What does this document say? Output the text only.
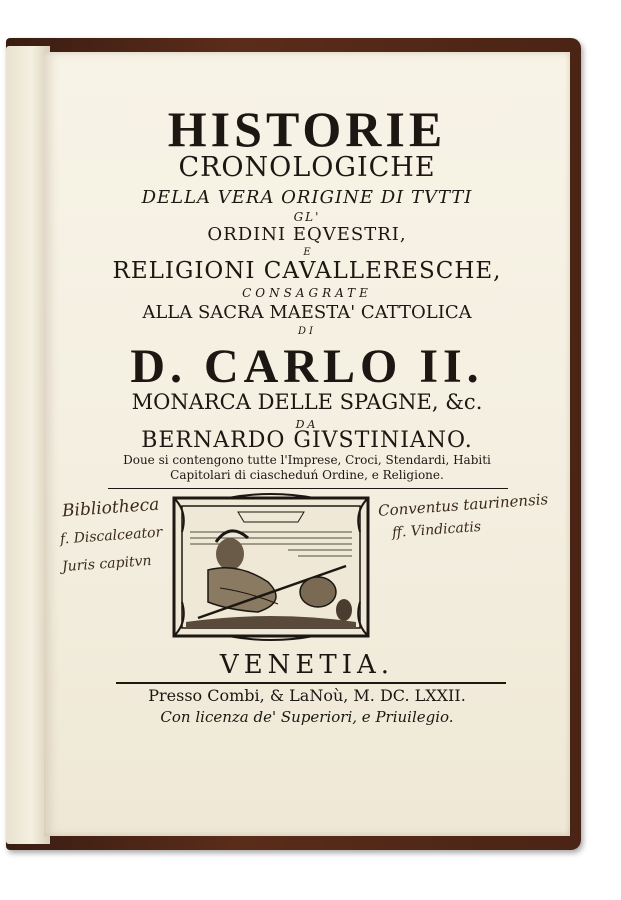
HISTORIE
CRONOLOGICHE
DELLA VERA ORIGINE DI TVTTI
GL'
ORDINI EQVESTRI,
E
RELIGIONI CAVALLERESCHE,
CONSAGRATE
ALLA SACRA MAESTA' CATTOLICA
DI
D. CARLO II.
MONARCA DELLE SPAGNE, &c.
DA
BERNARDO GIVSTINIANO.
Doue si contengono tutte l'Imprese, Croci, Stendardi, Habiti
Capitolari di ciascheduń Ordine, e Religione.
VENETIA.
Presso Combi, & LaNoù, M. DC. LXXII.
Con licenza de' Superiori, e Priuilegio.
Bibliotheca
f. Discalceator
Juris capitvn
Conventus taurinensis
ff. Vindicatis
